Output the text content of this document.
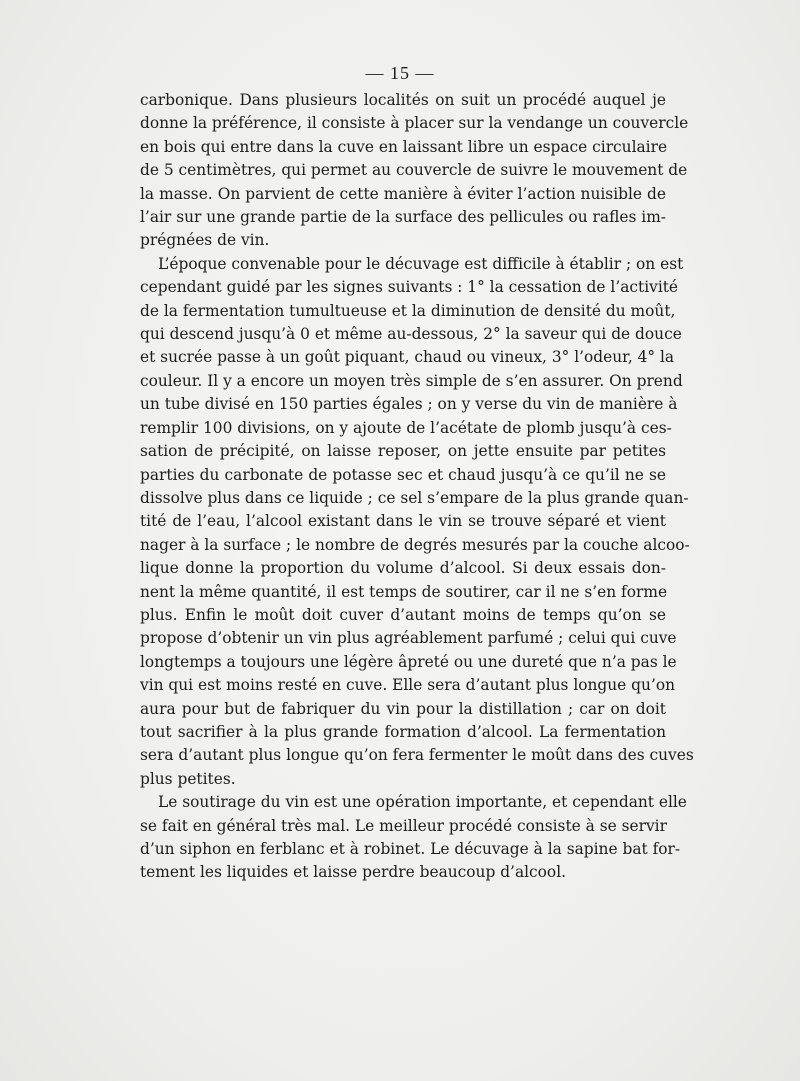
— 15 —
carbonique. Dans plusieurs localités on suit un procédé auquel je
donne la préférence, il consiste à placer sur la vendange un couvercle
en bois qui entre dans la cuve en laissant libre un espace circulaire
de 5 centimètres, qui permet au couvercle de suivre le mouvement de
la masse. On parvient de cette manière à éviter l’action nuisible de
l’air sur une grande partie de la surface des pellicules ou rafles im-
prégnées de vin.
L’époque convenable pour le décuvage est difficile à établir ; on est
cependant guidé par les signes suivants : 1° la cessation de l’activité
de la fermentation tumultueuse et la diminution de densité du moût,
qui descend jusqu’à 0 et même au-dessous, 2° la saveur qui de douce
et sucrée passe à un goût piquant, chaud ou vineux, 3° l’odeur, 4° la
couleur. Il y a encore un moyen très simple de s’en assurer. On prend
un tube divisé en 150 parties égales ; on y verse du vin de manière à
remplir 100 divisions, on y ajoute de l’acétate de plomb jusqu’à ces-
sation de précipité, on laisse reposer, on jette ensuite par petites
parties du carbonate de potasse sec et chaud jusqu’à ce qu’il ne se
dissolve plus dans ce liquide ; ce sel s’empare de la plus grande quan-
tité de l’eau, l’alcool existant dans le vin se trouve séparé et vient
nager à la surface ; le nombre de degrés mesurés par la couche alcoo-
lique donne la proportion du volume d’alcool. Si deux essais don-
nent la même quantité, il est temps de soutirer, car il ne s’en forme
plus. Enfin le moût doit cuver d’autant moins de temps qu’on se
propose d’obtenir un vin plus agréablement parfumé ; celui qui cuve
longtemps a toujours une légère âpreté ou une dureté que n’a pas le
vin qui est moins resté en cuve. Elle sera d’autant plus longue qu’on
aura pour but de fabriquer du vin pour la distillation ; car on doit
tout sacrifier à la plus grande formation d’alcool. La fermentation
sera d’autant plus longue qu’on fera fermenter le moût dans des cuves
plus petites.
Le soutirage du vin est une opération importante, et cependant elle
se fait en général très mal. Le meilleur procédé consiste à se servir
d’un siphon en ferblanc et à robinet. Le décuvage à la sapine bat for-
tement les liquides et laisse perdre beaucoup d’alcool.
